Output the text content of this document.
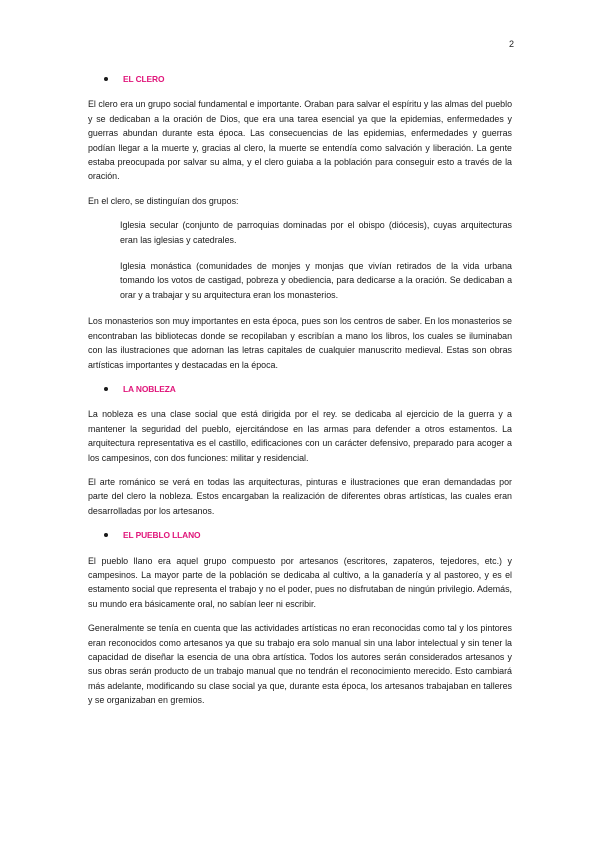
2
EL CLERO

El clero era un grupo social fundamental e importante. Oraban para salvar el espíritu y las almas del pueblo y se dedicaban a la oración de Dios, que era una tarea esencial ya que la epidemias, enfermedades y guerras abundan durante esta época. Las consecuencias de las epidemias, enfermedades y guerras podían llegar a la muerte y, gracias al clero, la muerte se entendía como salvación y liberación. La gente estaba preocupada por salvar su alma, y el clero guiaba a la población para conseguir esto a través de la oración.

En el clero, se distinguían dos grupos:

Iglesia secular (conjunto de parroquias dominadas por el obispo (diócesis), cuyas arquitecturas eran las iglesias y catedrales.

Iglesia monástica (comunidades de monjes y monjas que vivían retirados de la vida urbana tomando los votos de castigad, pobreza y obediencia, para dedicarse a la oración. Se dedicaban a orar y a trabajar y su arquitectura eran los monasterios.

Los monasterios son muy importantes en esta época, pues son los centros de saber. En los monasterios se encontraban las bibliotecas donde se recopilaban y escribían a mano los libros, los cuales se iluminaban con las ilustraciones que adornan las letras capitales de cualquier manuscrito medieval. Estas son obras artísticas importantes y destacadas en la época.

LA NOBLEZA

La nobleza es una clase social que está dirigida por el rey. se dedicaba al ejercicio de la guerra y a mantener la seguridad del pueblo, ejercitándose en las armas para defender a otros estamentos. La arquitectura representativa es el castillo, edificaciones con un carácter defensivo, preparado para acoger a los campesinos, con dos funciones: militar y residencial.

El arte románico se verá en todas las arquitecturas, pinturas e ilustraciones que eran demandadas por parte del clero la nobleza. Estos encargaban la realización de diferentes obras artísticas, las cuales eran desarrolladas por los artesanos.

EL PUEBLO LLANO

El pueblo llano era aquel grupo compuesto por artesanos (escritores, zapateros, tejedores, etc.) y campesinos. La mayor parte de la población se dedicaba al cultivo, a la ganadería y al pastoreo, y es el estamento social que representa el trabajo y no el poder, pues no disfrutaban de ningún privilegio. Además, su mundo era básicamente oral, no sabían leer ni escribir.

Generalmente se tenía en cuenta que las actividades artísticas no eran reconocidas como tal y los pintores eran reconocidos como artesanos ya que su trabajo era solo manual sin una labor intelectual y sin tener la capacidad de diseñar la esencia de una obra artística. Todos los autores serán considerados artesanos y sus obras serán producto de un trabajo manual que no tendrán el reconocimiento merecido. Esto cambiará más adelante, modificando su clase social ya que, durante esta época, los artesanos trabajaban en talleres y se organizaban en gremios.
